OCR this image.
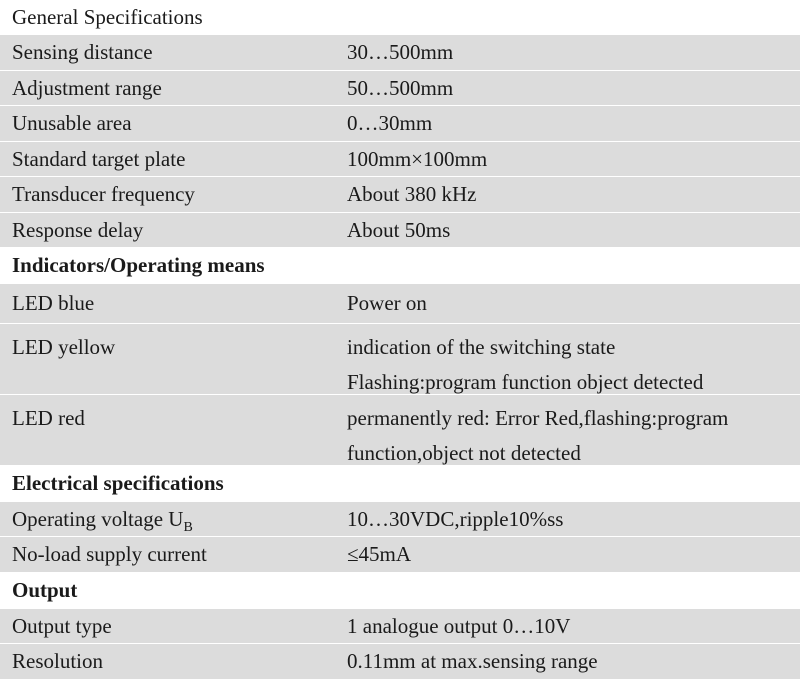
General Specifications
Sensing distance	30…500mm
Adjustment range	50…500mm
Unusable area	0…30mm
Standard target plate	100mm×100mm
Transducer frequency	About 380 kHz
Response delay	About 50ms
Indicators/Operating means
LED blue	Power on
LED yellow	indication of the switching state
Flashing:program function object detected
LED red	permanently red: Error Red,flashing:program
function,object not detected
Electrical specifications
Operating voltage $U_B$	10…30VDC,ripple10%ss
No-load supply current	≤45mA
Output
Output type	1 analogue output 0…10V
Resolution	0.11mm at max.sensing range
